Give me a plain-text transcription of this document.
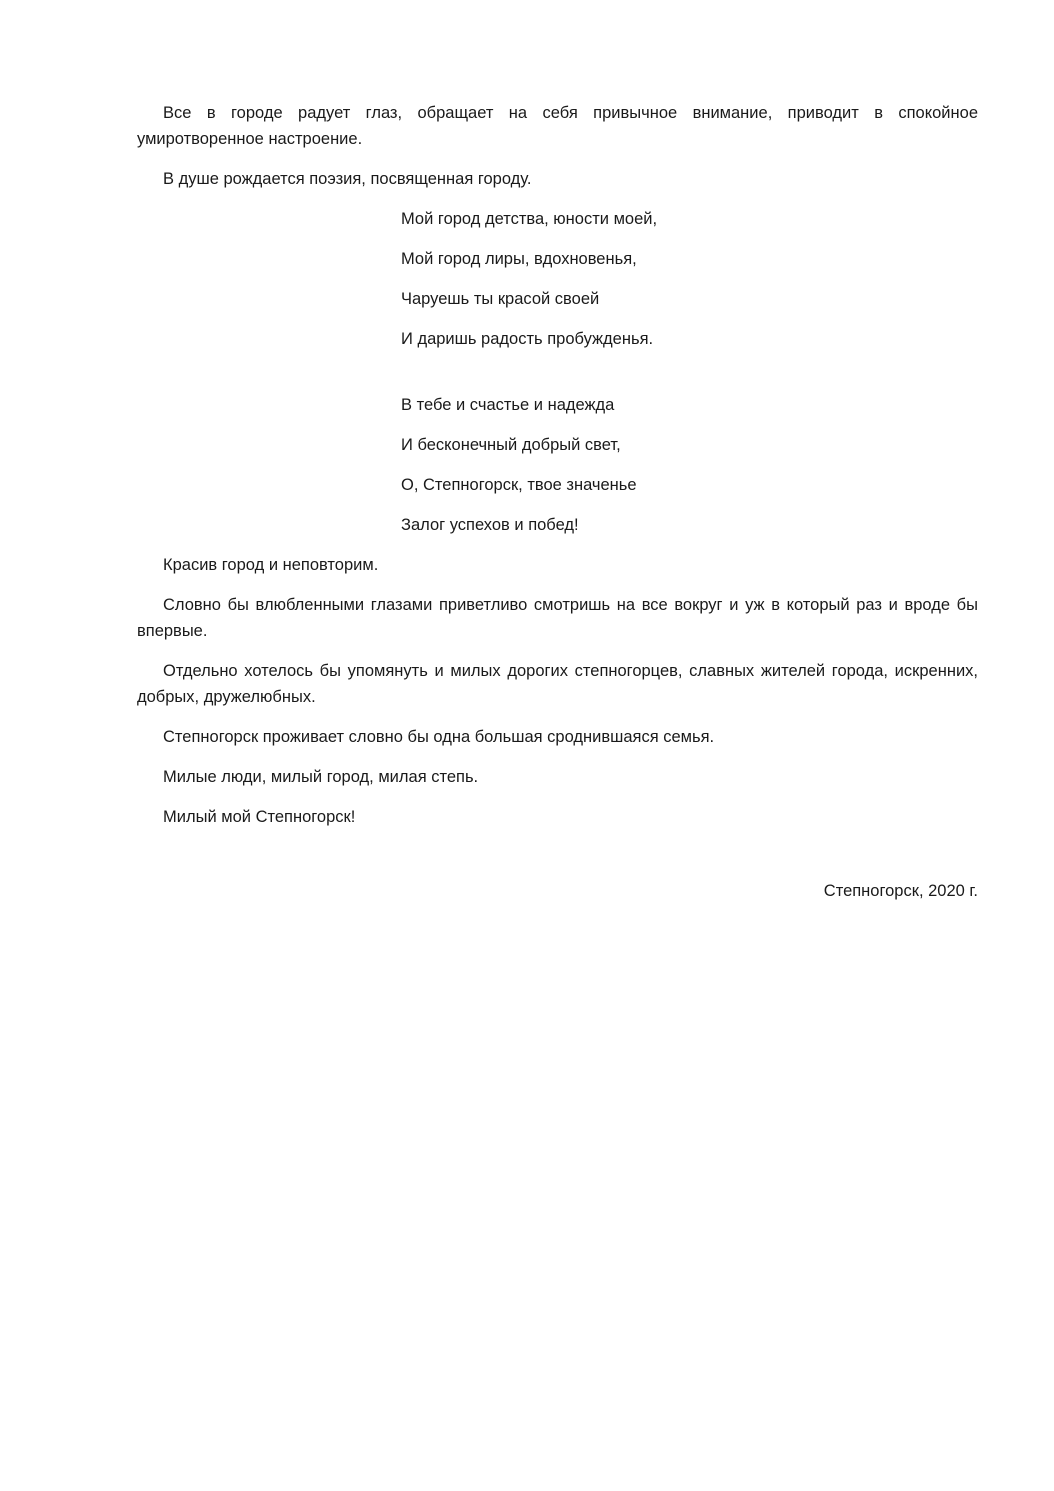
Все в городе радует глаз, обращает на себя привычное внимание, приводит в спокойное умиротворенное настроение.

В душе рождается поэзия, посвященная городу.

Мой город детства, юности моей,
Мой город лиры, вдохновенья,
Чаруешь ты красой своей
И даришь радость пробужденья.
В тебе и счастье и надежда
И бесконечный добрый свет,
О, Степногорск, твое значенье
Залог успехов и побед!

Красив город и неповторим.

Словно бы влюбленными глазами приветливо смотришь на все вокруг и уж в который раз и вроде бы впервые.

Отдельно хотелось бы упомянуть и милых дорогих степногорцев, славных жителей города, искренних, добрых, дружелюбных.

Степногорск проживает словно бы одна большая сроднившаяся семья.

Милые люди, милый город, милая степь.

Милый мой Степногорск!

Степногорск, 2020 г.
